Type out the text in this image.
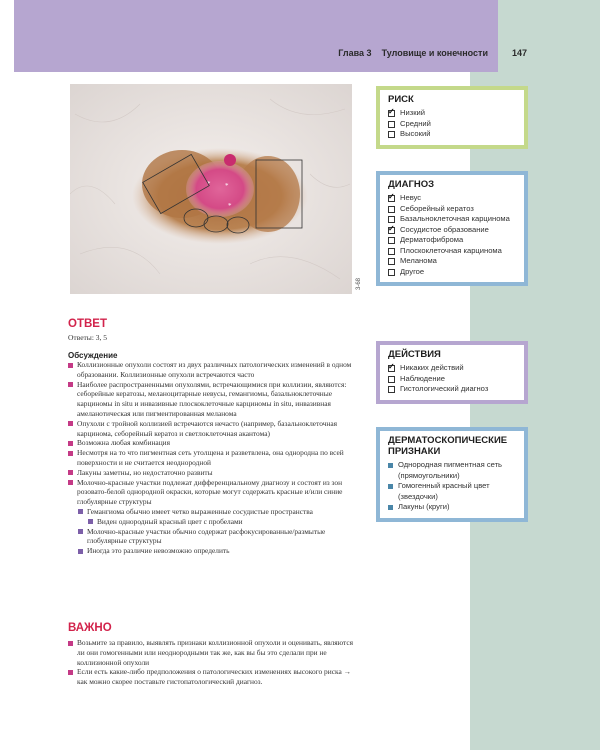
Глава 3 Туловище и конечности	147
* *
*
3-68
РИСК
✓
Низкий
Средний
Высокий
ДИАГНОЗ
✓
Невус
Себорейный кератоз
Базальноклеточная карцинома
✓
Сосудистое образование
Дерматофиброма
Плоскоклеточная карцинома
Меланома
Другое
ДЕЙСТВИЯ
✓
Никаких действий
Наблюдение
Гистологический диагноз
ДЕРМАТОСКОПИЧЕСКИЕ ПРИЗНАКИ
Однородная пигментная сеть (прямоугольники)
Гомогенный красный цвет (звездочки)
Лакуны (круги)
ОТВЕТ
Ответы: 3, 5
Обсуждение
Коллизионные опухоли состоят из двух различных патологических изменений в одном образовании. Коллизионные опухоли встречаются часто
Наиболее распространенными опухолями, встречающимися при коллизии, являются: себорейные кератозы, меланоцитарные невусы, гемангиомы, базальноклеточные карциномы in situ и инвазивные плоскоклеточные карциномы in situ, инвазивная амеланотическая или пигментированная меланома
Опухоли с тройной коллизией встречаются нечасто (например, базальноклеточная карцинома, себорейный кератоз и светлоклеточная акантома)
Возможна любая комбинация
Несмотря на то что пигментная сеть утолщена и разветвлена, она однородна по всей поверхности и не считается неоднородной
Лакуны заметны, но недостаточно развиты
Молочно-красные участки подлежат дифференциальному диагнозу и состоят из зон розовато-белой однородной окраски, которые могут содержать красные и/или синие глобулярные структуры
Гемангиома обычно имеет четко выраженные сосудистые пространства
Виден однородный красный цвет с пробелами
Молочно-красные участки обычно содержат расфокусированные/размытые глобулярные структуры
Иногда это различие невозможно определить
ВАЖНО
Возьмите за правило, выявлять признаки коллизионной опухоли и оценивать, являются ли они гомогенными или неоднородными так же, как вы бы это сделали при не коллизионной опухоли
Если есть какие-либо предположения о патологических изменениях высокого риска → как можно скорее поставьте гистопатологический диагноз.
